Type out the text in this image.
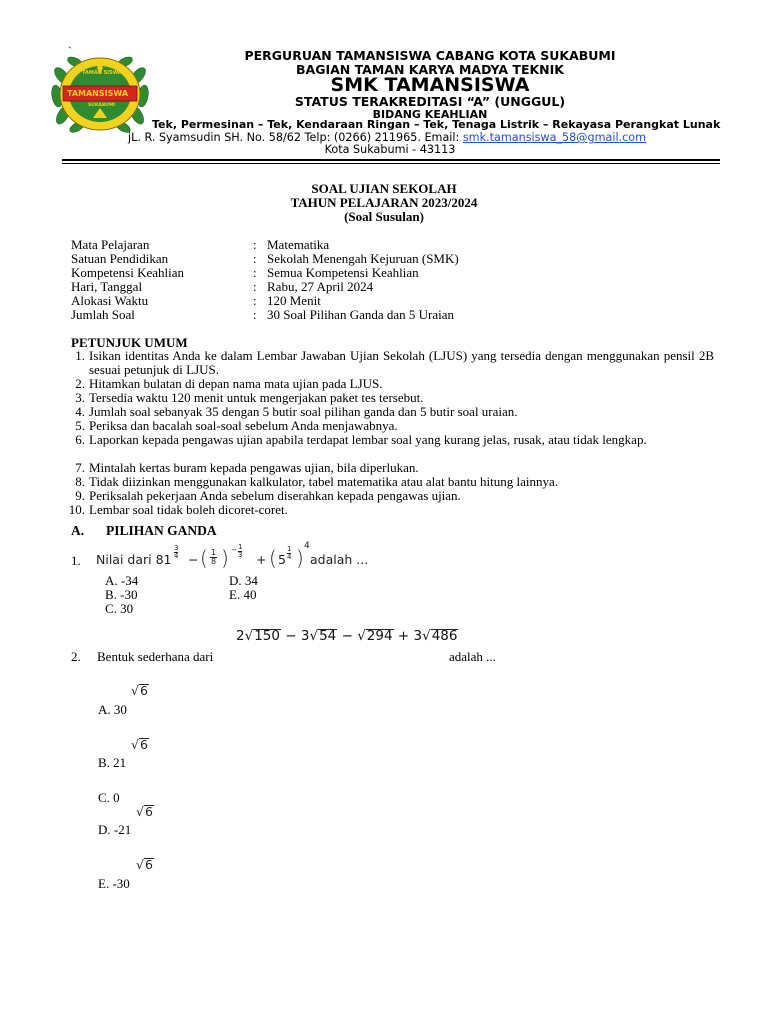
`
TAMAN SISWA
TAMANSISWA
SUKABUMI
PERGURUAN TAMANSISWA CABANG KOTA SUKABUMI
BAGIAN TAMAN KARYA MADYA TEKNIK
SMK TAMANSISWA
STATUS TERAKREDITASI “A” (UNGGUL)
BIDANG KEAHLIAN
Tek, Permesinan – Tek, Kendaraan Ringan – Tek, Tenaga Listrik – Rekayasa Perangkat Lunak
jL. R. Syamsudin SH. No. 58/62 Telp: (0266) 211965. Email: smk.tamansiswa_58@gmail.com
Kota Sukabumi - 43113
SOAL UJIAN SEKOLAH
TAHUN PELAJARAN 2023/2024
(Soal Susulan)
Mata Pelajaran	: Matematika
Satuan Pendidikan	: Sekolah Menengah Kejuruan (SMK)
Kompetensi Keahlian	: Semua Kompetensi Keahlian
Hari, Tanggal	: Rabu, 27 April 2024
Alokasi Waktu	: 120 Menit
Jumlah Soal	: 30 Soal Pilihan Ganda dan 5 Uraian
PETUNJUK UMUM
1. Isikan identitas Anda ke dalam Lembar Jawaban Ujian Sekolah (LJUS) yang tersedia dengan menggunakan pensil 2B sesuai petunjuk di LJUS.
2. Hitamkan bulatan di depan nama mata ujian pada LJUS.
3. Tersedia waktu 120 menit untuk mengerjakan paket tes tersebut.
4. Jumlah soal sebanyak 35 dengan 5 butir soal pilihan ganda dan 5 butir soal uraian.
5. Periksa dan bacalah soal-soal sebelum Anda menjawabnya.
6. Laporkan kepada pengawas ujian apabila terdapat lembar soal yang kurang jelas, rusak, atau tidak lengkap.
7. Mintalah kertas buram kepada pengawas ujian, bila diperlukan.
8. Tidak diizinkan menggunakan kalkulator, tabel matematika atau alat bantu hitung lainnya.
9. Periksalah pekerjaan Anda sebelum diserahkan kepada pengawas ujian.
10. Lembar soal tidak boleh dicoret-coret.
A. PILIHAN GANDA
1. Nilai dari $81 \frac{3}{4}$ − ( $\frac{1}{8}$ ) − $\frac{1}{3}$
+ ( $5 \frac{1}{4}$ ) 4
adalah ...
A. -34
B. -30
C. 30
D. 34
E. 40
2√150 − 3√54 − √294 + 3√486
2. Bentuk sederhana dari	adalah ...
√6
A. 30
√6
B. 21
C. 0
√6
D. -21
√6
E. -30
